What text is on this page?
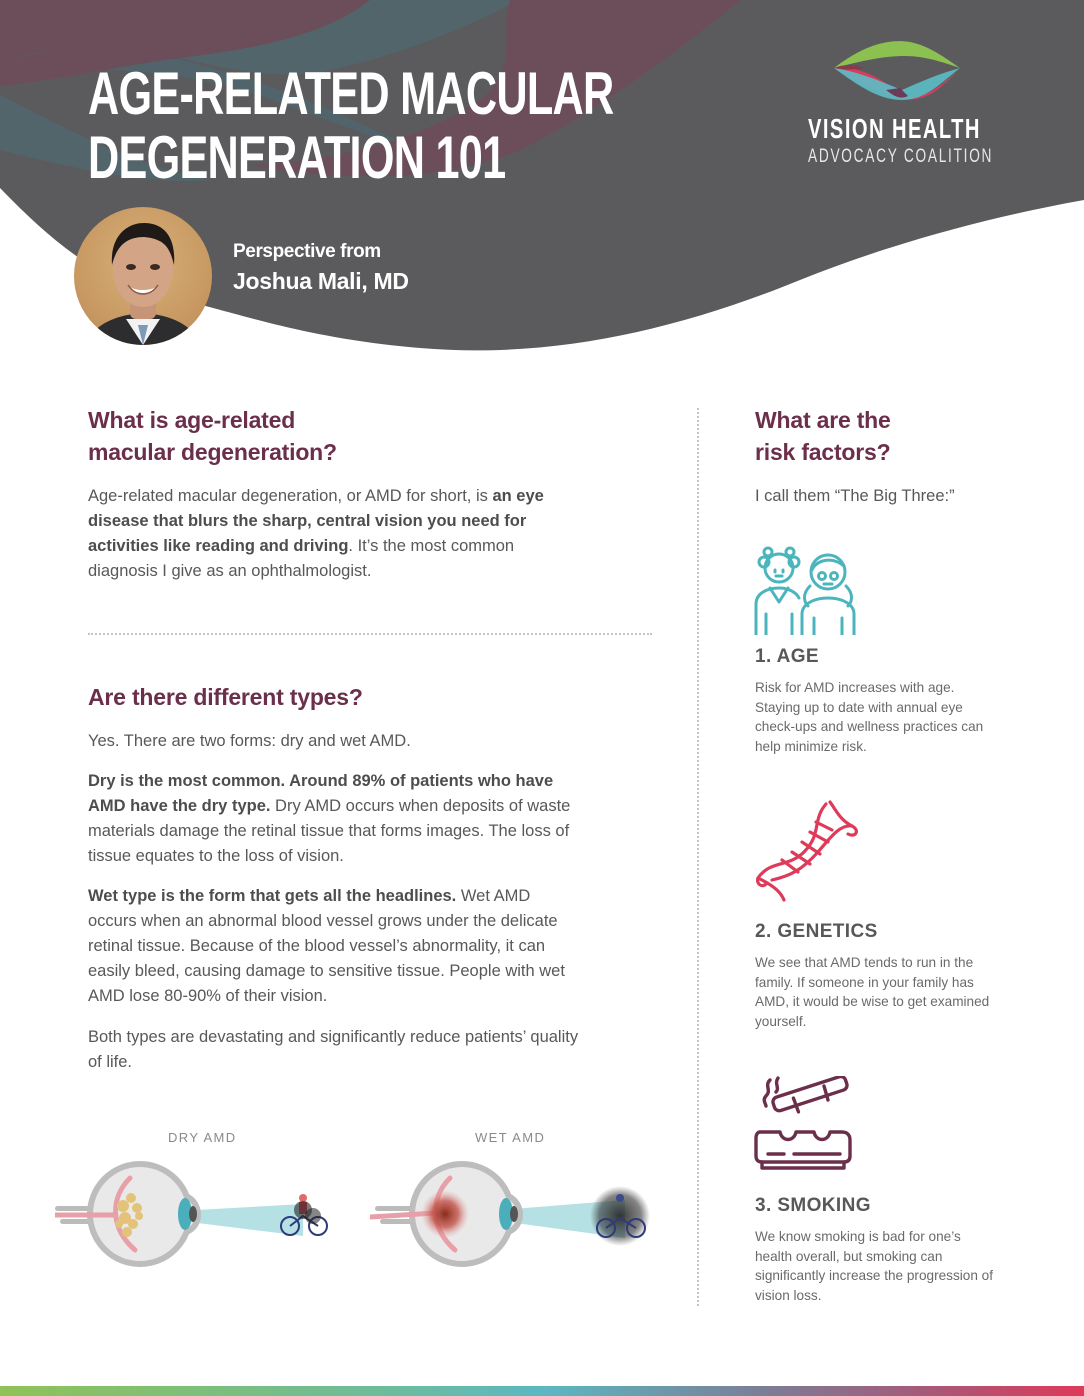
AGE-RELATED MACULAR
DEGENERATION 101	VISION HEALTH
ADVOCACY COALITION
Perspective from
Joshua Mali, MD
What is age-related
macular degeneration?
Age-related macular degeneration, or AMD for short, is an eye disease that blurs the sharp, central vision you need for activities like reading and driving. It’s the most common diagnosis I give as an ophthalmologist.
Are there different types?
Yes. There are two forms: dry and wet AMD.
Dry is the most common. Around 89% of patients who have AMD have the dry type. Dry AMD occurs when deposits of waste materials damage the retinal tissue that forms images. The loss of tissue equates to the loss of vision.
Wet type is the form that gets all the headlines. Wet AMD occurs when an abnormal blood vessel grows under the delicate retinal tissue. Because of the blood vessel’s abnormality, it can easily bleed, causing damage to sensitive tissue. People with wet AMD lose 80-90% of their vision.
Both types are devastating and significantly reduce patients’ quality of life.
DRY AMD	WET AMD
What are the
risk factors?
I call them “The Big Three:”
1. AGE
Risk for AMD increases with age. Staying up to date with annual eye check-ups and wellness practices can help minimize risk.
2. GENETICS
We see that AMD tends to run in the family. If someone in your family has AMD, it would be wise to get examined yourself.
3. SMOKING
We know smoking is bad for one’s health overall, but smoking can significantly increase the progression of vision loss.
